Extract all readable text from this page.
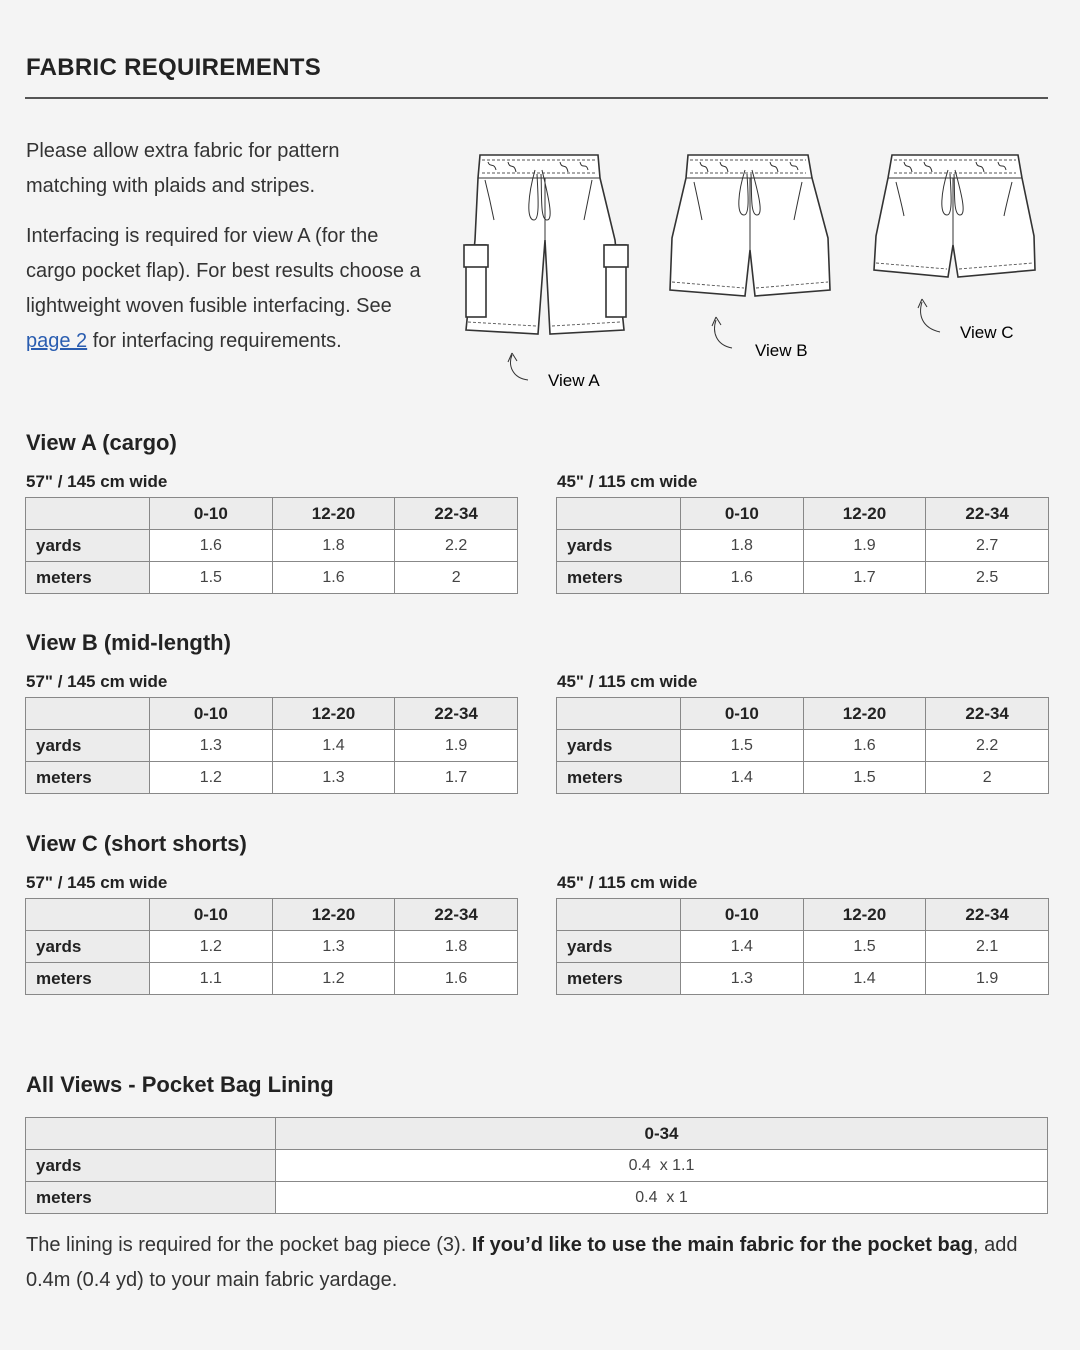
FABRIC REQUIREMENTS

Please allow extra fabric for pattern matching with plaids and stripes.

Interfacing is required for view A (for the cargo pocket flap). For best results choose a lightweight woven fusible interfacing. See page 2 for interfacing requirements.

View A
View B
View C
View A (cargo)
57" / 145 cm wide	45" / 115 cm wide
	0-10	12-20	22-34
yards	1.6	1.8	2.2
meters	1.5	1.6	2
	0-10	12-20	22-34
yards	1.8	1.9	2.7
meters	1.6	1.7	2.5
View B (mid-length)
57" / 145 cm wide	45" / 115 cm wide
	0-10	12-20	22-34
yards	1.3	1.4	1.9
meters	1.2	1.3	1.7
	0-10	12-20	22-34
yards	1.5	1.6	2.2
meters	1.4	1.5	2
View C (short shorts)
57" / 145 cm wide	45" / 115 cm wide
	0-10	12-20	22-34
yards	1.2	1.3	1.8
meters	1.1	1.2	1.6
	0-10	12-20	22-34
yards	1.4	1.5	2.1
meters	1.3	1.4	1.9
All Views - Pocket Bag Lining
	0-34
yards	0.4  x 1.1
meters	0.4  x 1
The lining is required for the pocket bag piece (3). If you’d like to use the main fabric for the pocket bag, add 0.4m (0.4 yd) to your main fabric yardage.
